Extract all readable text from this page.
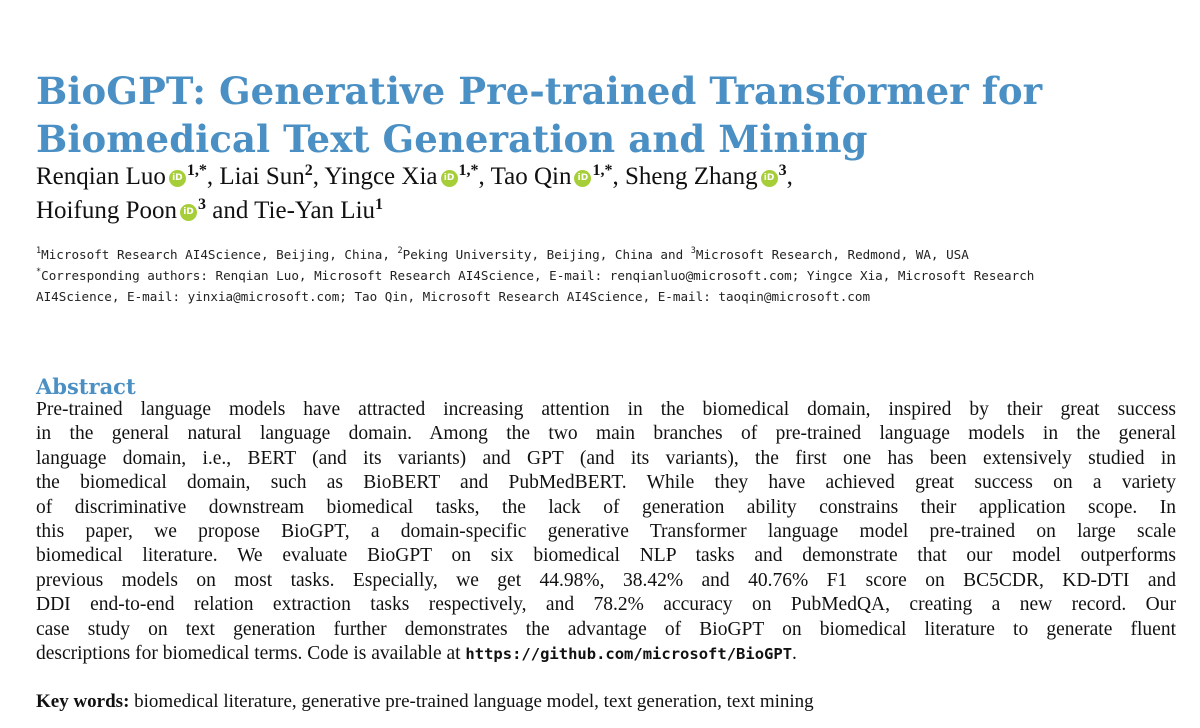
BioGPT: Generative Pre-trained Transformer for
Biomedical Text Generation and Mining
Renqian Luo iD $^{1,*}$, Liai Sun$^2$, Yingce Xia iD $^{1,*}$, Tao Qin iD $^{1,*}$, Sheng Zhang iD $^3$,
Hoifung Poon iD $^3$ and Tie-Yan Liu$^1$
$^1$Microsoft Research AI4Science, Beijing, China, $^2$Peking University, Beijing, China and $^3$Microsoft Research, Redmond, WA, USA
*Corresponding authors: Renqian Luo, Microsoft Research AI4Science, E-mail: renqianluo@microsoft.com; Yingce Xia, Microsoft Research
AI4Science, E-mail: yinxia@microsoft.com; Tao Qin, Microsoft Research AI4Science, E-mail: taoqin@microsoft.com
Abstract
Pre-trained language models have attracted increasing attention in the biomedical domain, inspired by their great success
in the general natural language domain. Among the two main branches of pre-trained language models in the general
language domain, i.e., BERT (and its variants) and GPT (and its variants), the first one has been extensively studied in
the biomedical domain, such as BioBERT and PubMedBERT. While they have achieved great success on a variety
of discriminative downstream biomedical tasks, the lack of generation ability constrains their application scope. In
this paper, we propose BioGPT, a domain-specific generative Transformer language model pre-trained on large scale
biomedical literature. We evaluate BioGPT on six biomedical NLP tasks and demonstrate that our model outperforms
previous models on most tasks. Especially, we get 44.98%, 38.42% and 40.76% F1 score on BC5CDR, KD-DTI and
DDI end-to-end relation extraction tasks respectively, and 78.2% accuracy on PubMedQA, creating a new record. Our
case study on text generation further demonstrates the advantage of BioGPT on biomedical literature to generate fluent
descriptions for biomedical terms. Code is available at https://github.com/microsoft/BioGPT.
Key words: biomedical literature, generative pre-trained language model, text generation, text mining
